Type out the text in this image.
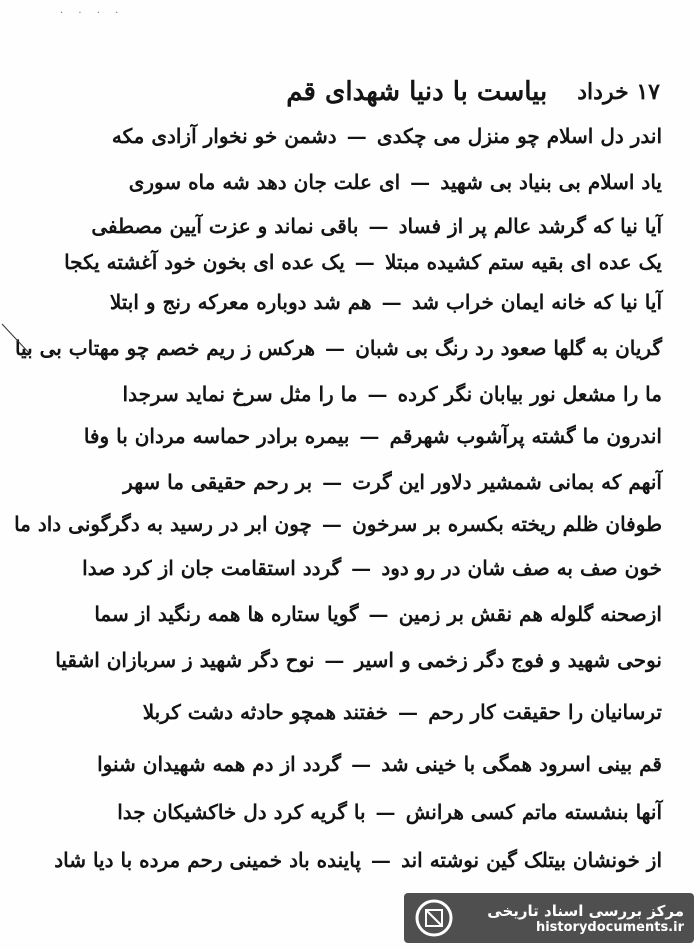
· · · ·
۱۷ خرداد
بیاست با دنیا شهدای قم
اندر دل اسلام چو منزل می چکدی—دشمن خو نخوار آزادی مکه
یاد اسلام بی بنیاد بی شهید—ای علت جان دهد شه ماه سوری
آیا نیا که گرشد عالم پر از فساد—باقی نماند و عزت آیین مصطفی
یک عده ای بقیه ستم کشیده مبتلا—یک عده ای بخون خود آغشته یکجا
آیا نیا که خانه ایمان خراب شد—هم شد دوباره معرکه رنج و ابتلا
گریان به گلها صعود رد رنگ بی شبان—هرکس ز ریم خصم چو مهتاب بی بیا
ما را مشعل نور بیابان نگر کرده—ما را مثل سرخ نماید سرجدا
اندرون ما گشته پرآشوب شهرقم—بیمره برادر حماسه مردان با وفا
آنهم که بمانی شمشیر دلاور این گرت—بر رحم حقیقی ما سهر
طوفان ظلم ریخته بکسره بر سرخون—چون ابر در رسید به دگرگونی داد ما
خون صف به صف شان در رو دود—گردد استقامت جان از کرد صدا
ازصحنه گلوله هم نقش بر زمین—گویا ستاره ها همه رنگید از سما
نوحی شهید و فوج دگر زخمی و اسیر—نوح دگر شهید ز سربازان اشقیا
ترسانیان را حقیقت کار رحم—خفتند همچو حادثه دشت کربلا
قم بینی اسرود همگی با خینی شد—گردد از دم همه شهیدان شنوا
آنها بنشسته ماتم کسی هرانش—با گریه کرد دل خاکشیکان جدا
از خونشان بیتلک گین نوشته اند—پاینده باد خمینی رحم مرده با دیا شاد
مرکز بررسی اسناد تاریخی
historydocuments.ir
